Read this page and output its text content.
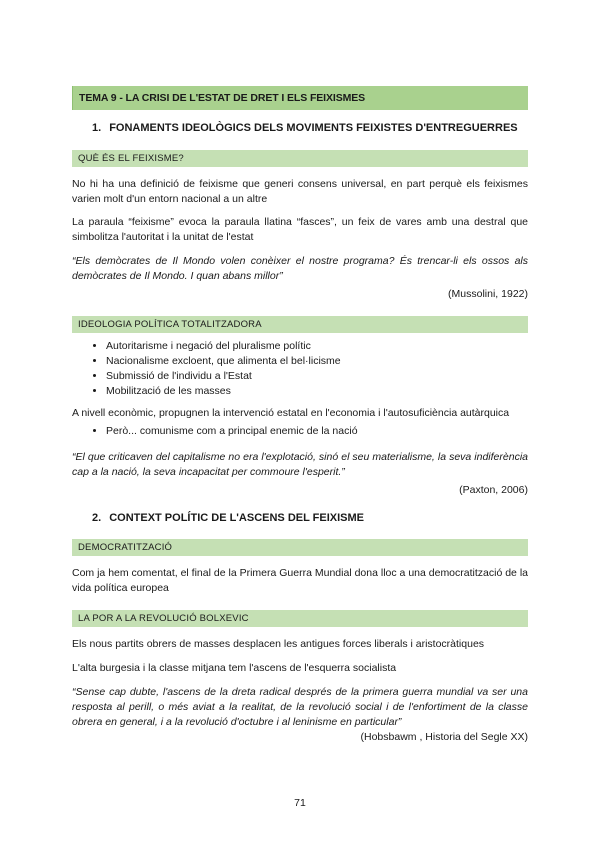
TEMA 9 - LA CRISI DE L'ESTAT DE DRET I ELS FEIXISMES
1. FONAMENTS IDEOLÒGICS DELS MOVIMENTS FEIXISTES D'ENTREGUERRES
QUÈ ÉS EL FEIXISME?

No hi ha una definició de feixisme que generi consens universal, en part perquè els feixismes varien molt d'un entorn nacional a un altre

La paraula “feixisme” evoca la paraula llatina “fasces”, un feix de vares amb una destral que simbolitza l'autoritat i la unitat de l'estat

“Els demòcrates de Il Mondo volen conèixer el nostre programa? És trencar-li els ossos als demòcrates de Il Mondo. I quan abans millor”

(Mussolini, 1922)
IDEOLOGIA POLÍTICA TOTALITZADORA
• Autoritarisme i negació del pluralisme polític
• Nacionalisme excloent, que alimenta el bel·licisme
• Submissió de l'individu a l'Estat
• Mobilització de les masses

A nivell econòmic, propugnen la intervenció estatal en l'economia i l'autosuficiència autàrquica

• Però... comunisme com a principal enemic de la nació

“El que criticaven del capitalisme no era l'explotació, sinó el seu materialisme, la seva indiferència cap a la nació, la seva incapacitat per commoure l'esperit.”

(Paxton, 2006)
2. CONTEXT POLÍTIC DE L'ASCENS DEL FEIXISME
DEMOCRATITZACIÓ

Com ja hem comentat, el final de la Primera Guerra Mundial dona lloc a una democratització de la vida política europea

LA POR A LA REVOLUCIÓ BOLXEVIC

Els nous partits obrers de masses desplacen les antigues forces liberals i aristocràtiques

L'alta burgesia i la classe mitjana tem l'ascens de l'esquerra socialista

“Sense cap dubte, l'ascens de la dreta radical després de la primera guerra mundial va ser una resposta al perill, o més aviat a la realitat, de la revolució social i de l'enfortiment de la classe obrera en general, i a la revolució d'octubre i al leninisme en particular”

(Hobsbawm , Historia del Segle XX)
71
